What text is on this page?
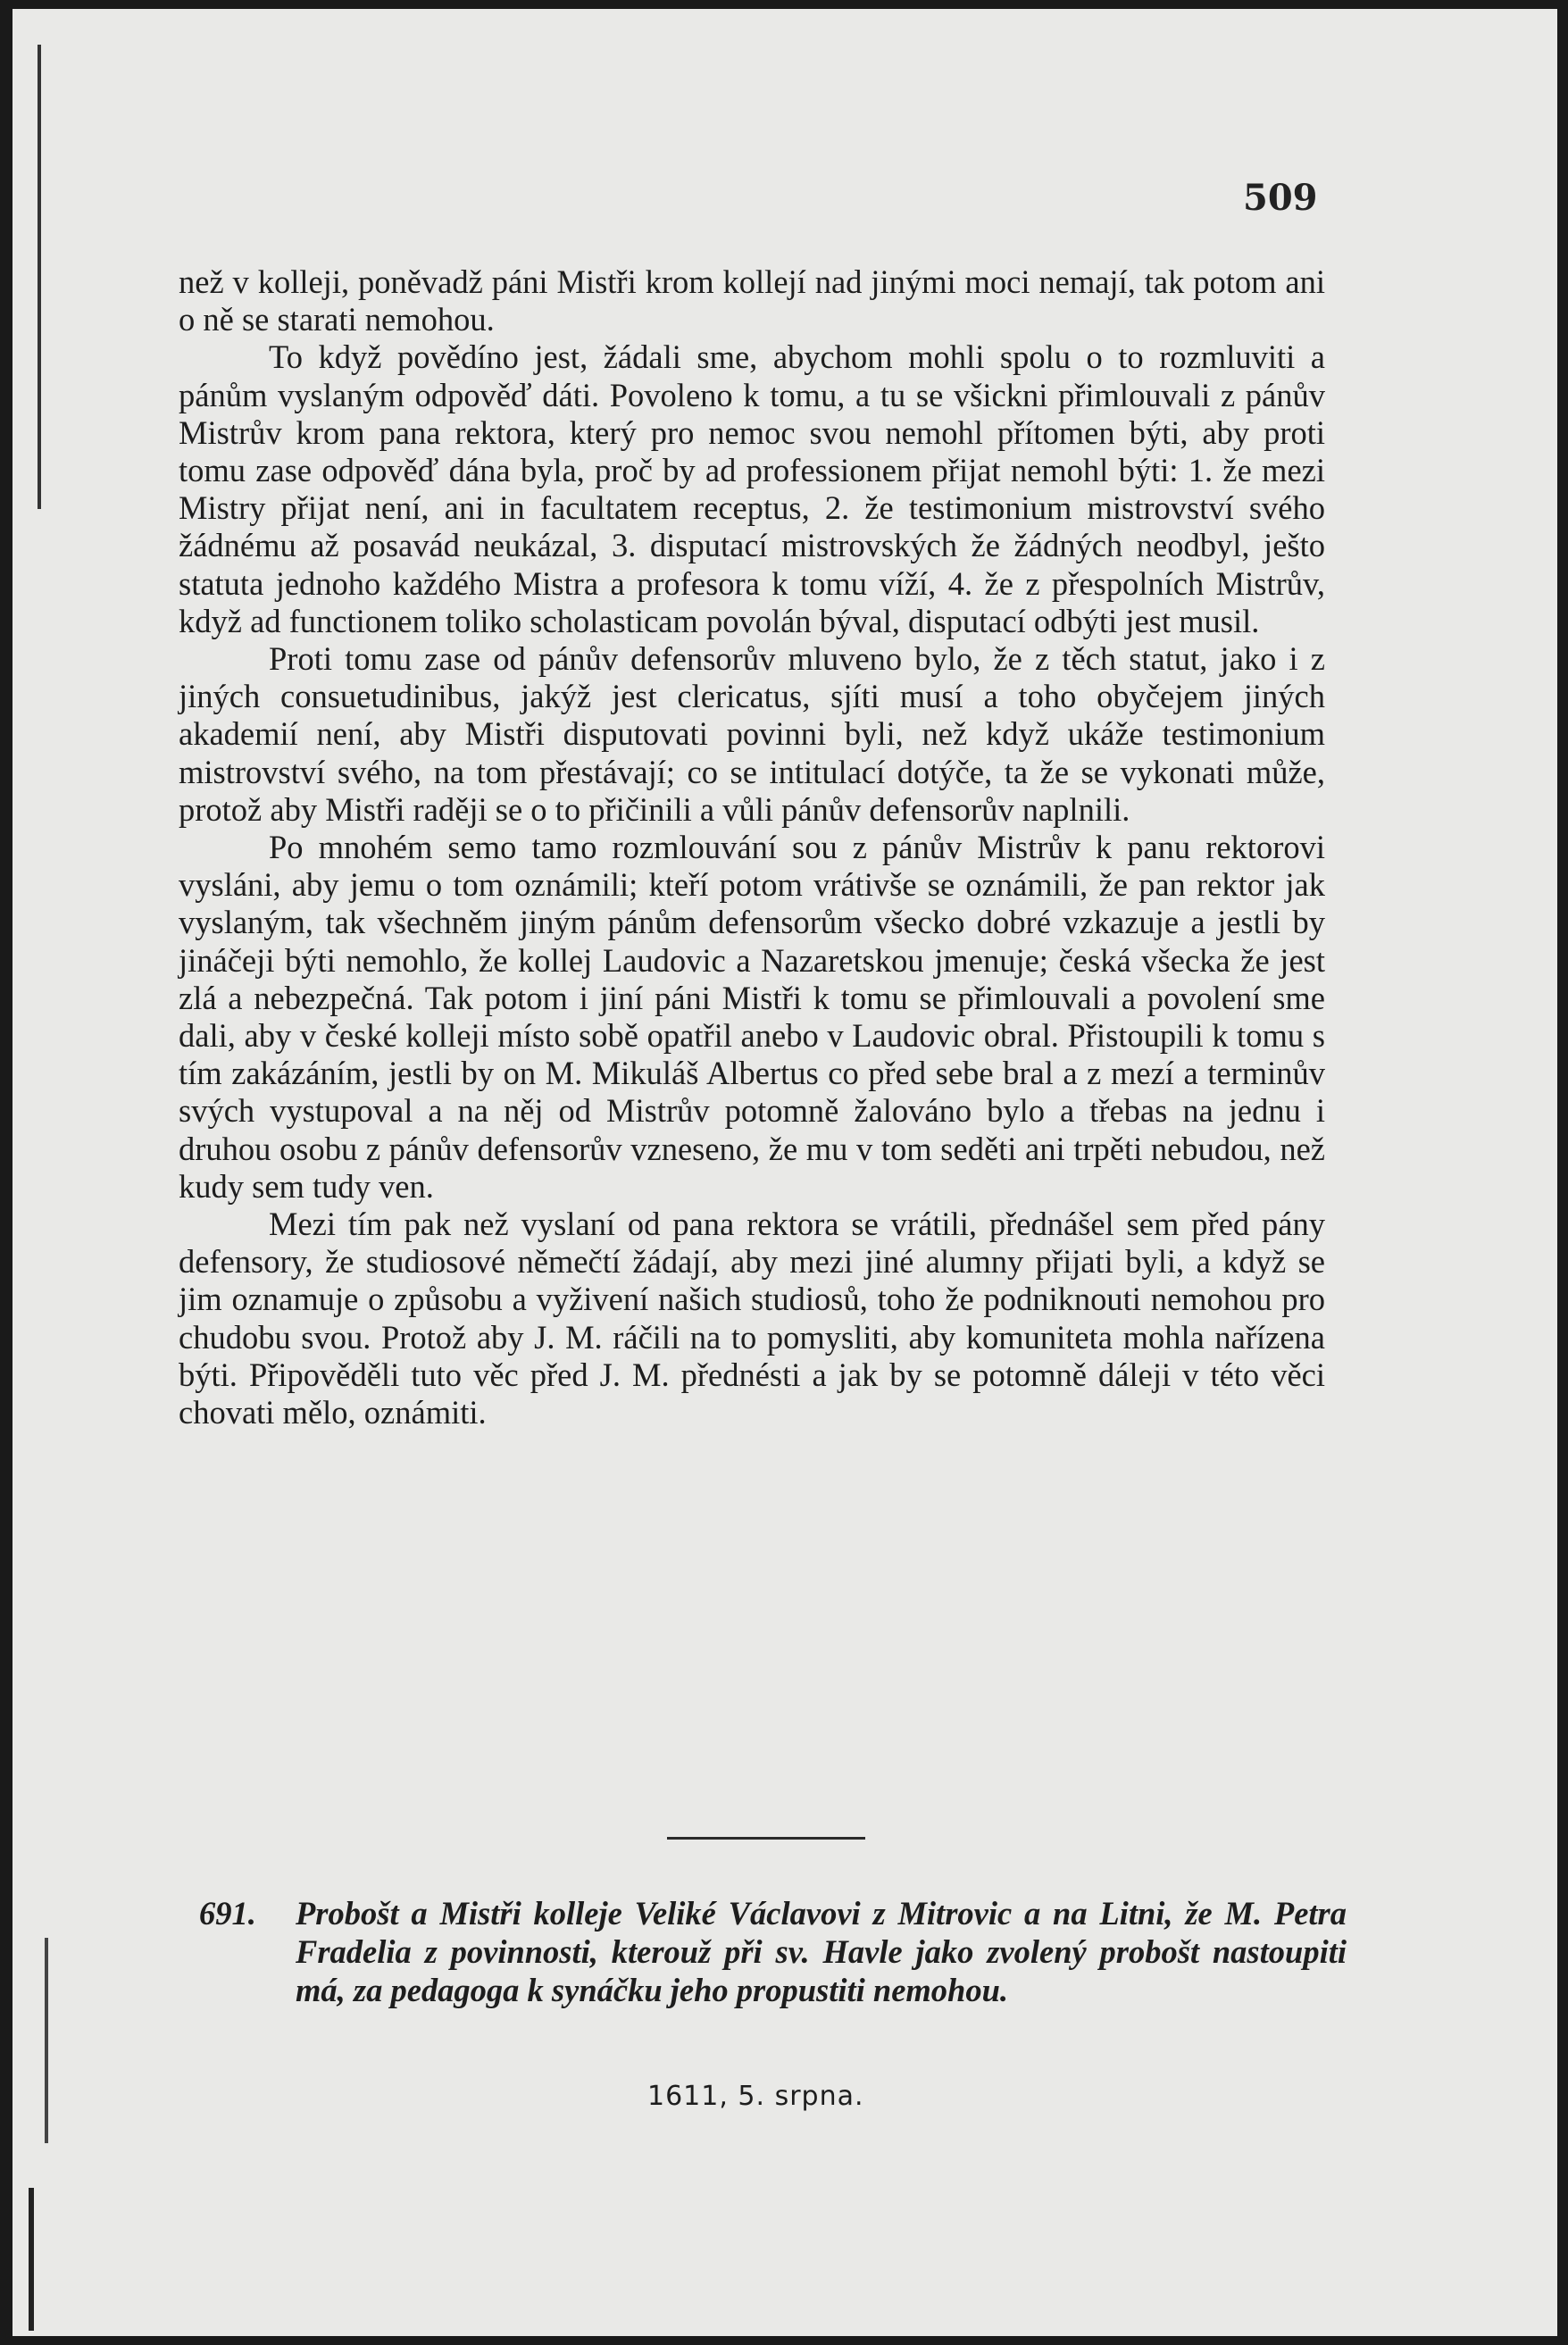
509

než v kolleji, poněvadž páni Mistři krom kollejí nad jinými moci nemají, tak potom ani o ně se starati nemohou.

To když povědíno jest, žádali sme, abychom mohli spolu o to rozmluviti a pánům vyslaným odpověď dáti. Povoleno k tomu, a tu se všickni přimlouvali z pánův Mistrův krom pana rektora, který pro nemoc svou nemohl přítomen býti, aby proti tomu zase odpověď dána byla, proč by ad professionem přijat nemohl býti: 1. že mezi Mistry přijat není, ani in facultatem receptus, 2. že testimonium mistrovství svého žádnému až posavád neukázal, 3. disputací mistrovských že žádných neodbyl, ješto statuta jednoho každého Mistra a profesora k tomu víží, 4. že z přespolních Mistrův, když ad functionem toliko scholasticam povolán býval, disputací odbýti jest musil.

Proti tomu zase od pánův defensorův mluveno bylo, že z těch statut, jako i z jiných consuetudinibus, jakýž jest clericatus, sjíti musí a toho obyčejem jiných akademií není, aby Mistři disputovati povinni byli, než když ukáže testimonium mistrovství svého, na tom přestávají; co se intitulací dotýče, ta že se vykonati může, protož aby Mistři raději se o to přičinili a vůli pánův defensorův naplnili.

Po mnohém semo tamo rozmlouvání sou z pánův Mistrův k panu rektorovi vysláni, aby jemu o tom oznámili; kteří potom vrátivše se oznámili, že pan rektor jak vyslaným, tak všechněm jiným pánům defensorům všecko dobré vzkazuje a jestli by jináčeji býti nemohlo, že kollej Laudovic a Nazaretskou jmenuje; česká všecka že jest zlá a nebezpečná. Tak potom i jiní páni Mistři k tomu se přimlouvali a povolení sme dali, aby v české kolleji místo sobě opatřil anebo v Laudovic obral. Přistoupili k tomu s tím zakázáním, jestli by on M. Mikuláš Albertus co před sebe bral a z mezí a terminův svých vystupoval a na něj od Mistrův potomně žalováno bylo a třebas na jednu i druhou osobu z pánův defensorův vzneseno, že mu v tom seděti ani trpěti nebudou, než kudy sem tudy ven.

Mezi tím pak než vyslaní od pana rektora se vrátili, přednášel sem před pány defensory, že studiosové němečtí žádají, aby mezi jiné alumny přijati byli, a když se jim oznamuje o způsobu a vyživení našich studiosů, toho že podniknouti nemohou pro chudobu svou. Protož aby J. M. ráčili na to pomysliti, aby komuniteta mohla nařízena býti. Připověděli tuto věc před J. M. přednésti a jak by se potomně dáleji v této věci chovati mělo, oznámiti.

691. Probošt a Mistři kolleje Veliké Václavovi z Mitrovic a na Litni, že M. Petra Fradelia z povinnosti, kterouž při sv. Havle jako zvolený probošt nastoupiti má, za pedagoga k synáčku jeho propustiti nemohou.
1611, 5. srpna.
